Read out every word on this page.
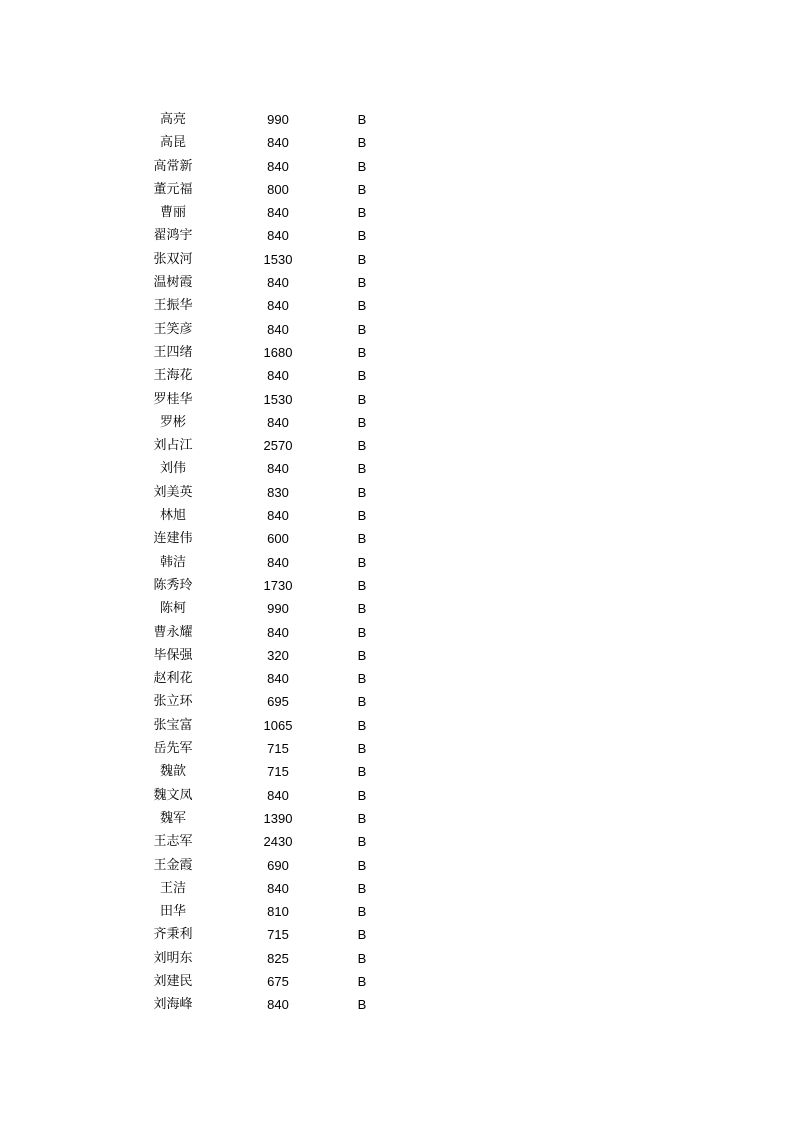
高亮	990	B
高昆	840	B
高常新	840	B
董元福	800	B
曹丽	840	B
翟鸿宇	840	B
张双河	1530	B
温树霞	840	B
王振华	840	B
王笑彦	840	B
王四绪	1680	B
王海花	840	B
罗桂华	1530	B
罗彬	840	B
刘占江	2570	B
刘伟	840	B
刘美英	830	B
林旭	840	B
连建伟	600	B
韩洁	840	B
陈秀玲	1730	B
陈柯	990	B
曹永耀	840	B
毕保强	320	B
赵利花	840	B
张立环	695	B
张宝富	1065	B
岳先军	715	B
魏歆	715	B
魏文凤	840	B
魏军	1390	B
王志军	2430	B
王金霞	690	B
王洁	840	B
田华	810	B
齐秉利	715	B
刘明东	825	B
刘建民	675	B
刘海峰	840	B
